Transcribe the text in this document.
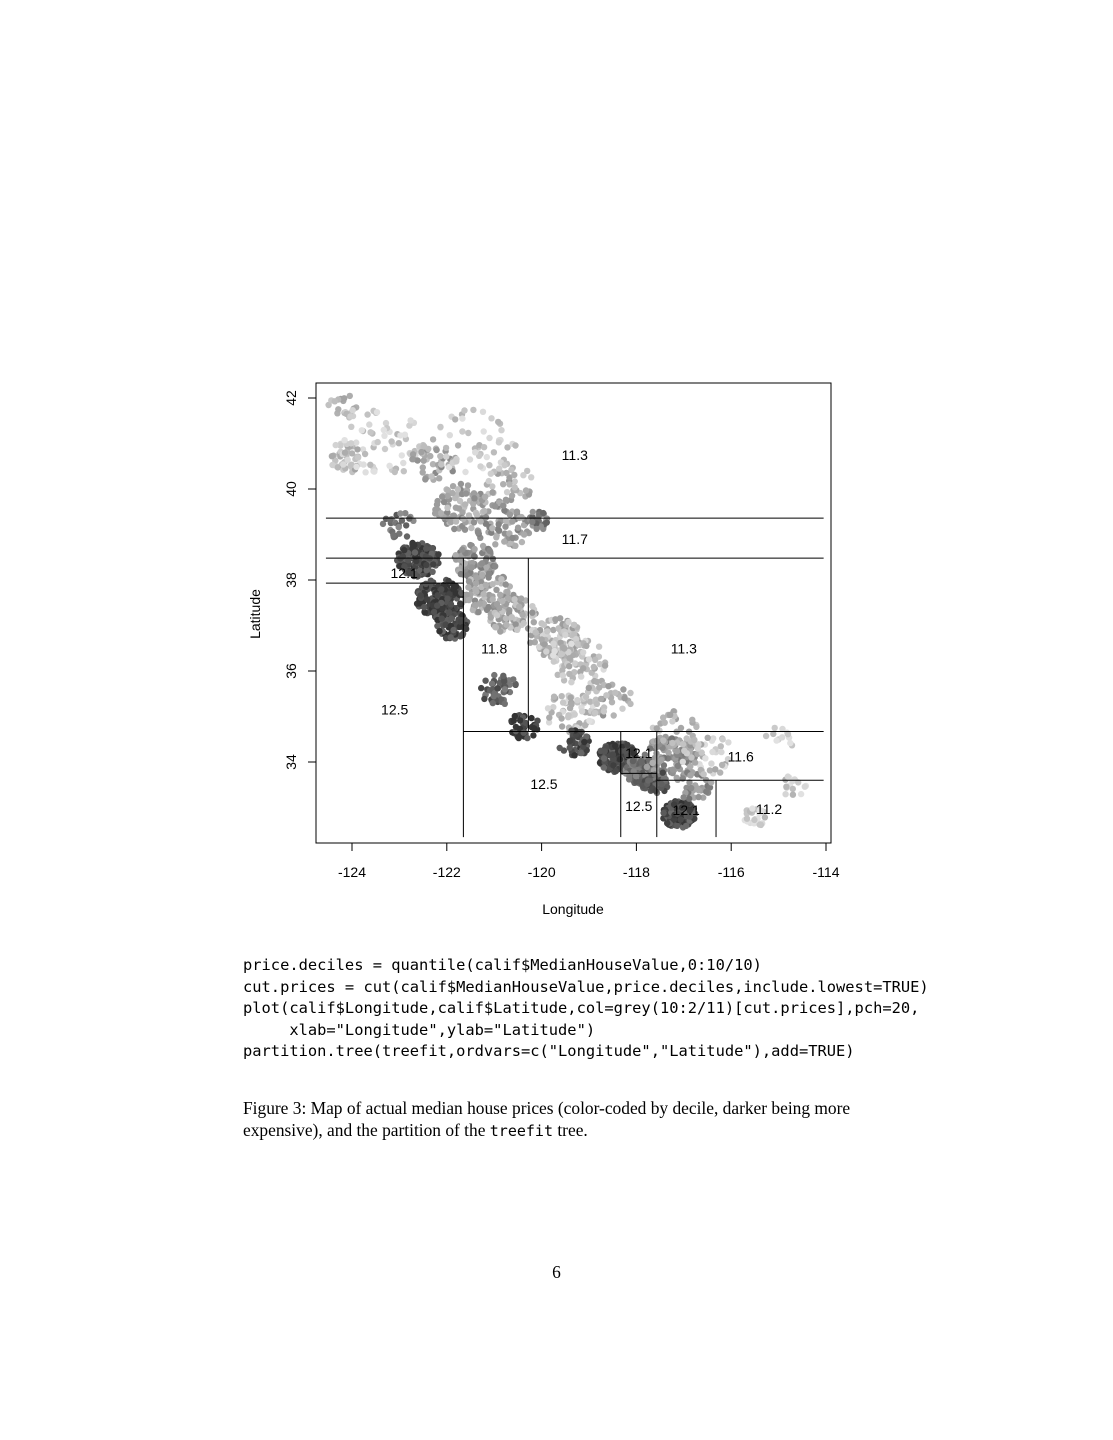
11.3
11.7
12.1
11.8	11.3
12.5
12.1	11.6
12.5
12.5 12.1	11.2
-124	-122	-120	-118	-116	-114
34
36
38
40
42
Longitude
Latitude
price.deciles = quantile(calif$MedianHouseValue,0:10/10)
cut.prices = cut(calif$MedianHouseValue,price.deciles,include.lowest=TRUE)
plot(calif$Longitude,calif$Latitude,col=grey(10:2/11)[cut.prices],pch=20,
xlab="Longitude",ylab="Latitude")
partition.tree(treefit,ordvars=c("Longitude","Latitude"),add=TRUE)

Figure 3: Map of actual median house prices (color-coded by decile, darker being more expensive), and the partition of the treefit tree.

6
